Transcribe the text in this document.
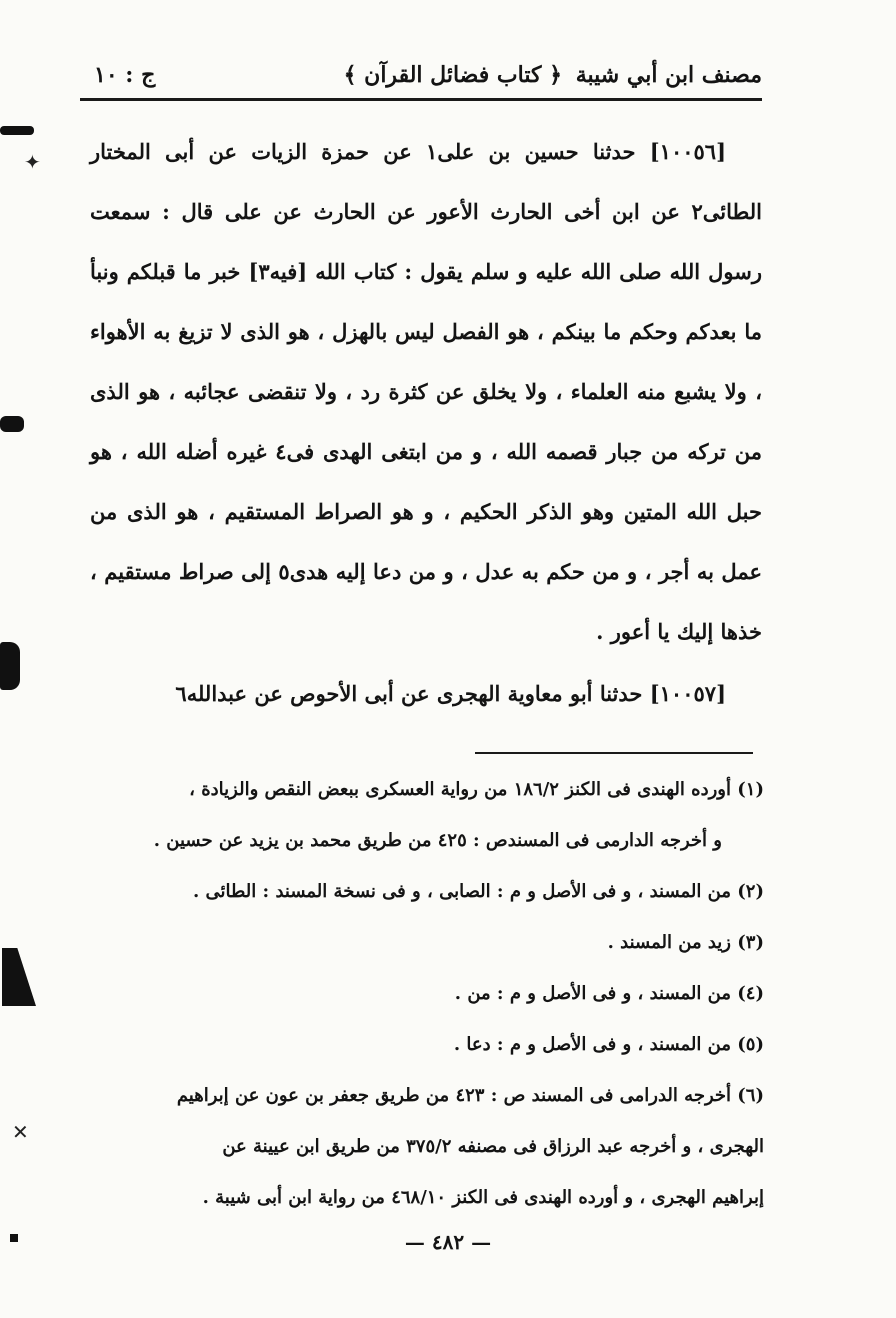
مصنف ابن أبي شيبة
﴿ كتاب فضائل القرآن ﴾
ج : ١٠

[١٠٠٥٦] حدثنا حسين بن على١ عن حمزة الزيات عن أبى المختار الطائى٢ عن ابن أخى الحارث الأعور عن الحارث عن على قال : سمعت رسول الله صلى الله عليه و سلم يقول : كتاب الله [فيه٣] خبر ما قبلكم ونبأ ما بعدكم وحكم ما بينكم ، هو الفصل ليس بالهزل ، هو الذى لا تزيغ به الأهواء ، ولا يشبع منه العلماء ، ولا يخلق عن كثرة رد ، ولا تنقضى عجائبه ، هو الذى من تركه من جبار قصمه الله ، و من ابتغى الهدى فى٤ غيره أضله الله ، هو حبل الله المتين وهو الذكر الحكيم ، و هو الصراط المستقيم ، هو الذى من عمل به أجر ، و من حكم به عدل ، و من دعا إليه هدى٥ إلى صراط مستقيم ، خذها إليك يا أعور .

[١٠٠٥٧] حدثنا أبو معاوية الهجرى عن أبى الأحوص عن عبدالله٦

(١) أورده الهندى فى الكنز ١٨٦/٢ من رواية العسكرى ببعض النقص والزيادة ،
و أخرجه الدارمى فى المسندص : ٤٢٥ من طريق محمد بن يزيد عن حسين .
(٢) من المسند ، و فى الأصل و م : الصابى ، و فى نسخة المسند : الطائى .
(٣) زيد من المسند .
(٤) من المسند ، و فى الأصل و م : من .
(٥) من المسند ، و فى الأصل و م : دعا .
(٦) أخرجه الدرامى فى المسند ص : ٤٢٣ من طريق جعفر بن عون عن إبراهيم
الهجرى ، و أخرجه عبد الرزاق فى مصنفه ٣٧٥/٢ من طريق ابن عيينة عن
إبراهيم الهجرى ، و أورده الهندى فى الكنز ٤٦٨/١٠ من رواية ابن أبى شيبة .
— ٤٨٢ —
✦
✕
